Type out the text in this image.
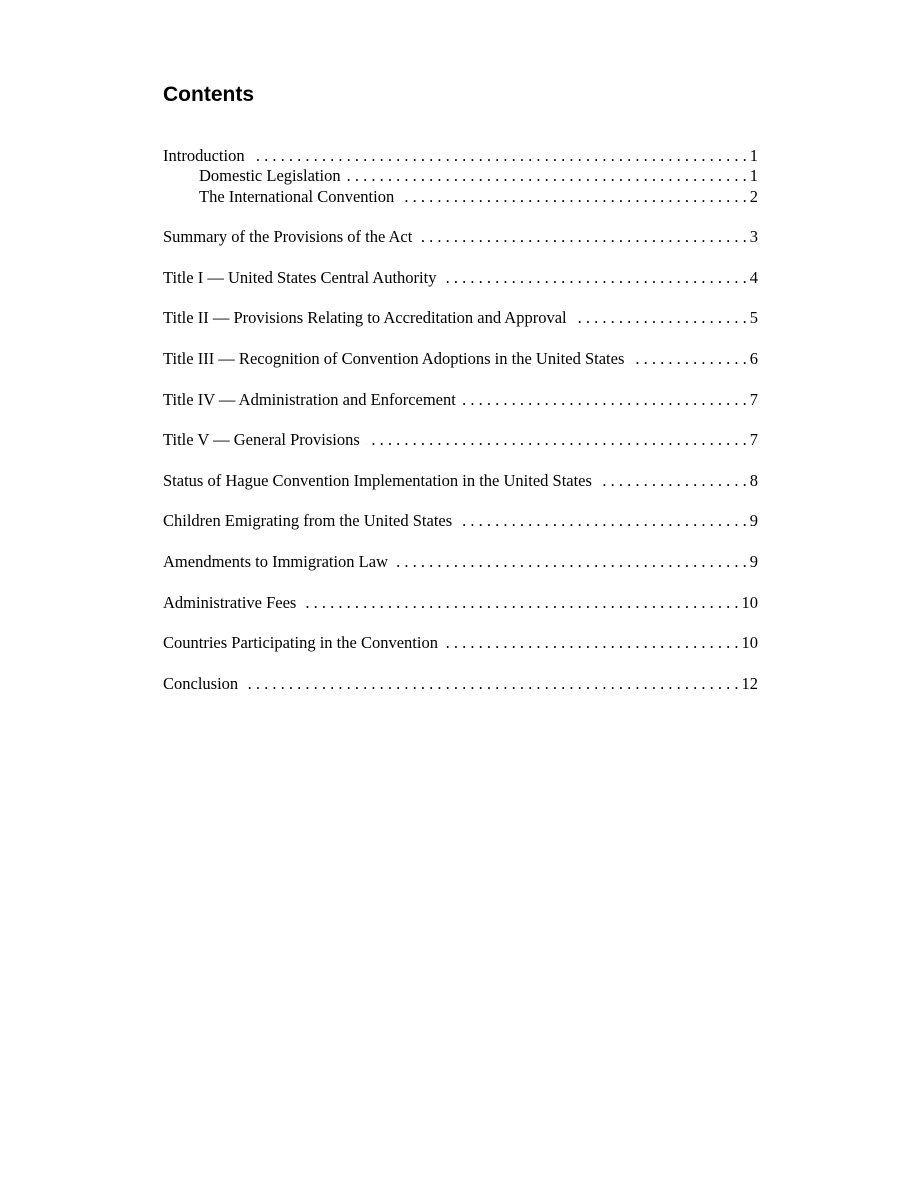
Contents
Introduction . . .	1
Domestic Legislation . . .	1
The International Convention . . .	2
Summary of the Provisions of the Act . . .	3
Title I — United States Central Authority . . .	4
Title II — Provisions Relating to Accreditation and Approval . . .	5
Title III — Recognition of Convention Adoptions in the United States . . .	6
Title IV — Administration and Enforcement . . .	7
Title V — General Provisions . . .	7
Status of Hague Convention Implementation in the United States . . .	8
Children Emigrating from the United States . . .	9
Amendments to Immigration Law . . .	9
Administrative Fees . . .	10
Countries Participating in the Convention . . .	10
Conclusion . . .	12
